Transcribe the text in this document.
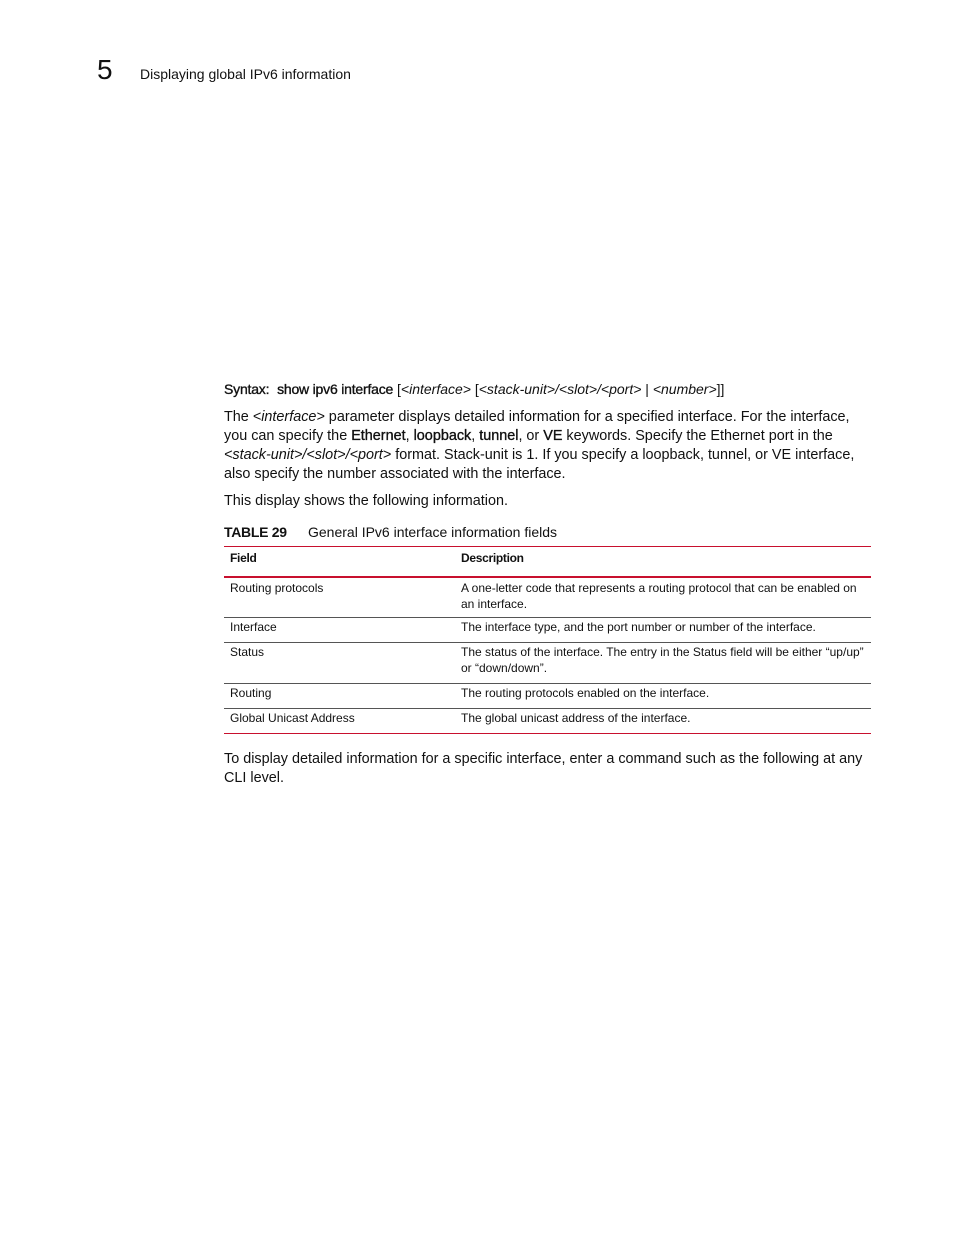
5 Displaying global IPv6 information
Syntax: show ipv6 interface [<interface> [<stack-unit>/<slot>/<port> | <number>]]
The <interface> parameter displays detailed information for a specified interface. For the interface, you can specify the Ethernet, loopback, tunnel, or VE keywords. Specify the Ethernet port in the <stack-unit>/<slot>/<port> format. Stack-unit is 1. If you specify a loopback, tunnel, or VE interface, also specify the number associated with the interface.
This display shows the following information.
TABLE 29 General IPv6 interface information fields
Field	Description
Routing protocols	A one-letter code that represents a routing protocol that can be enabled on an interface.
Interface	The interface type, and the port number or number of the interface.
Status	The status of the interface. The entry in the Status field will be either “up/up” or “down/down”.
Routing	The routing protocols enabled on the interface.
Global Unicast Address	The global unicast address of the interface.
To display detailed information for a specific interface, enter a command such as the following at any CLI level.
